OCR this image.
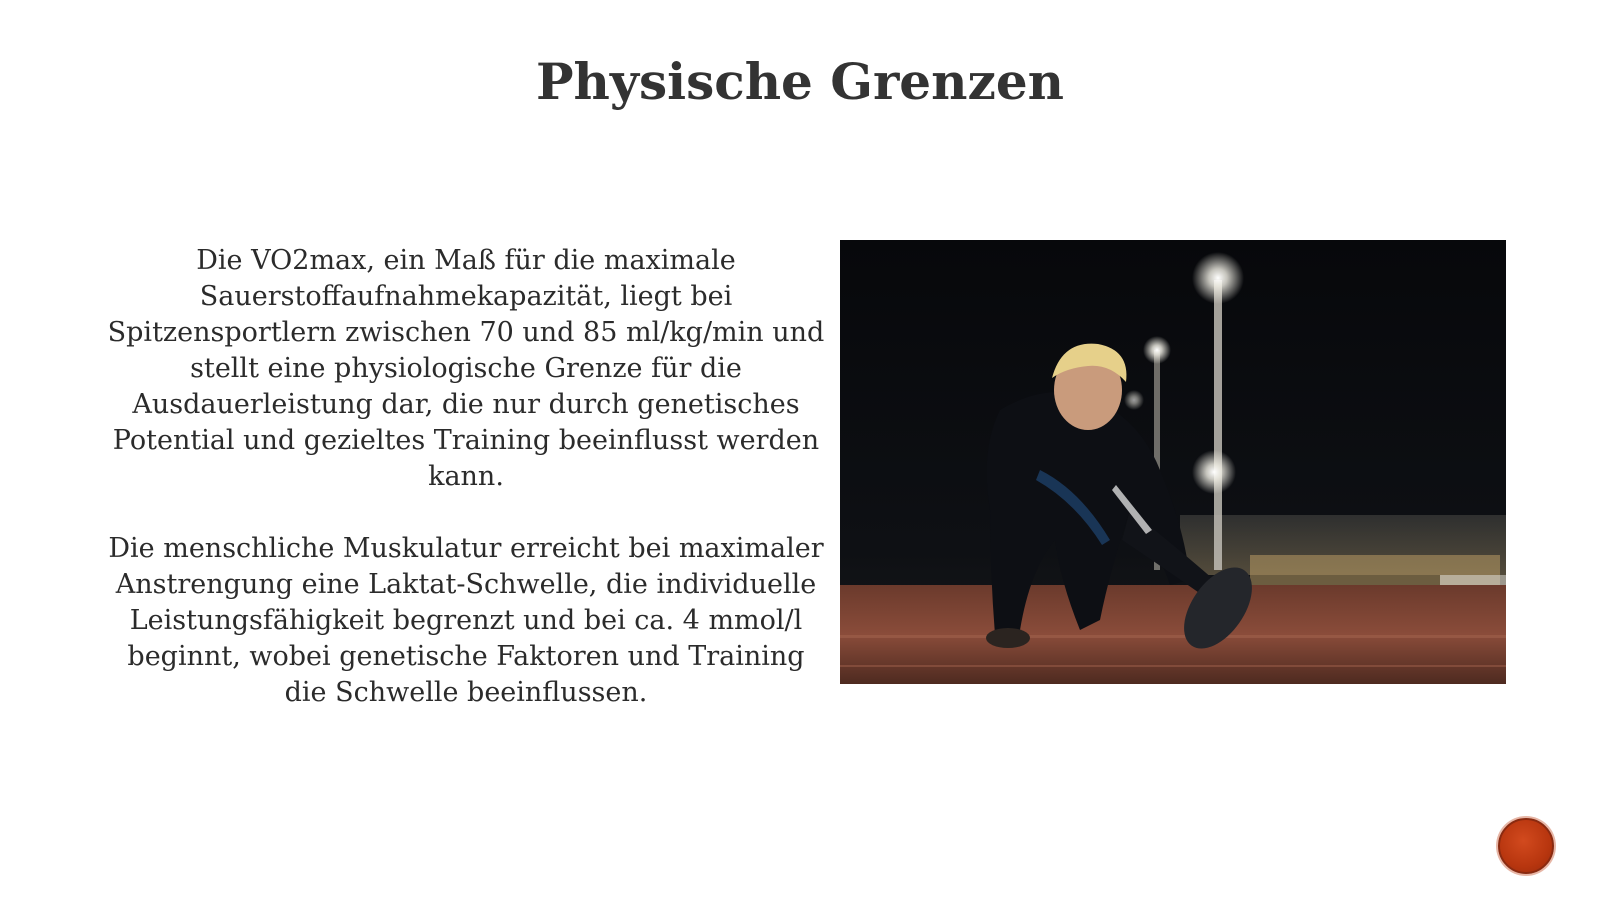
Physische Grenzen

Die VO2max, ein Maß für die maximale Sauerstoffaufnahmekapazität, liegt bei Spitzensportlern zwischen 70 und 85 ml/kg/min und stellt eine physiologische Grenze für die Ausdauerleistung dar, die nur durch genetisches Potential und gezieltes Training beeinflusst werden kann.

Die menschliche Muskulatur erreicht bei maximaler Anstrengung eine Laktat-Schwelle, die individuelle Leistungsfähigkeit begrenzt und bei ca. 4 mmol/l beginnt, wobei genetische Faktoren und Training die Schwelle beeinflussen.
